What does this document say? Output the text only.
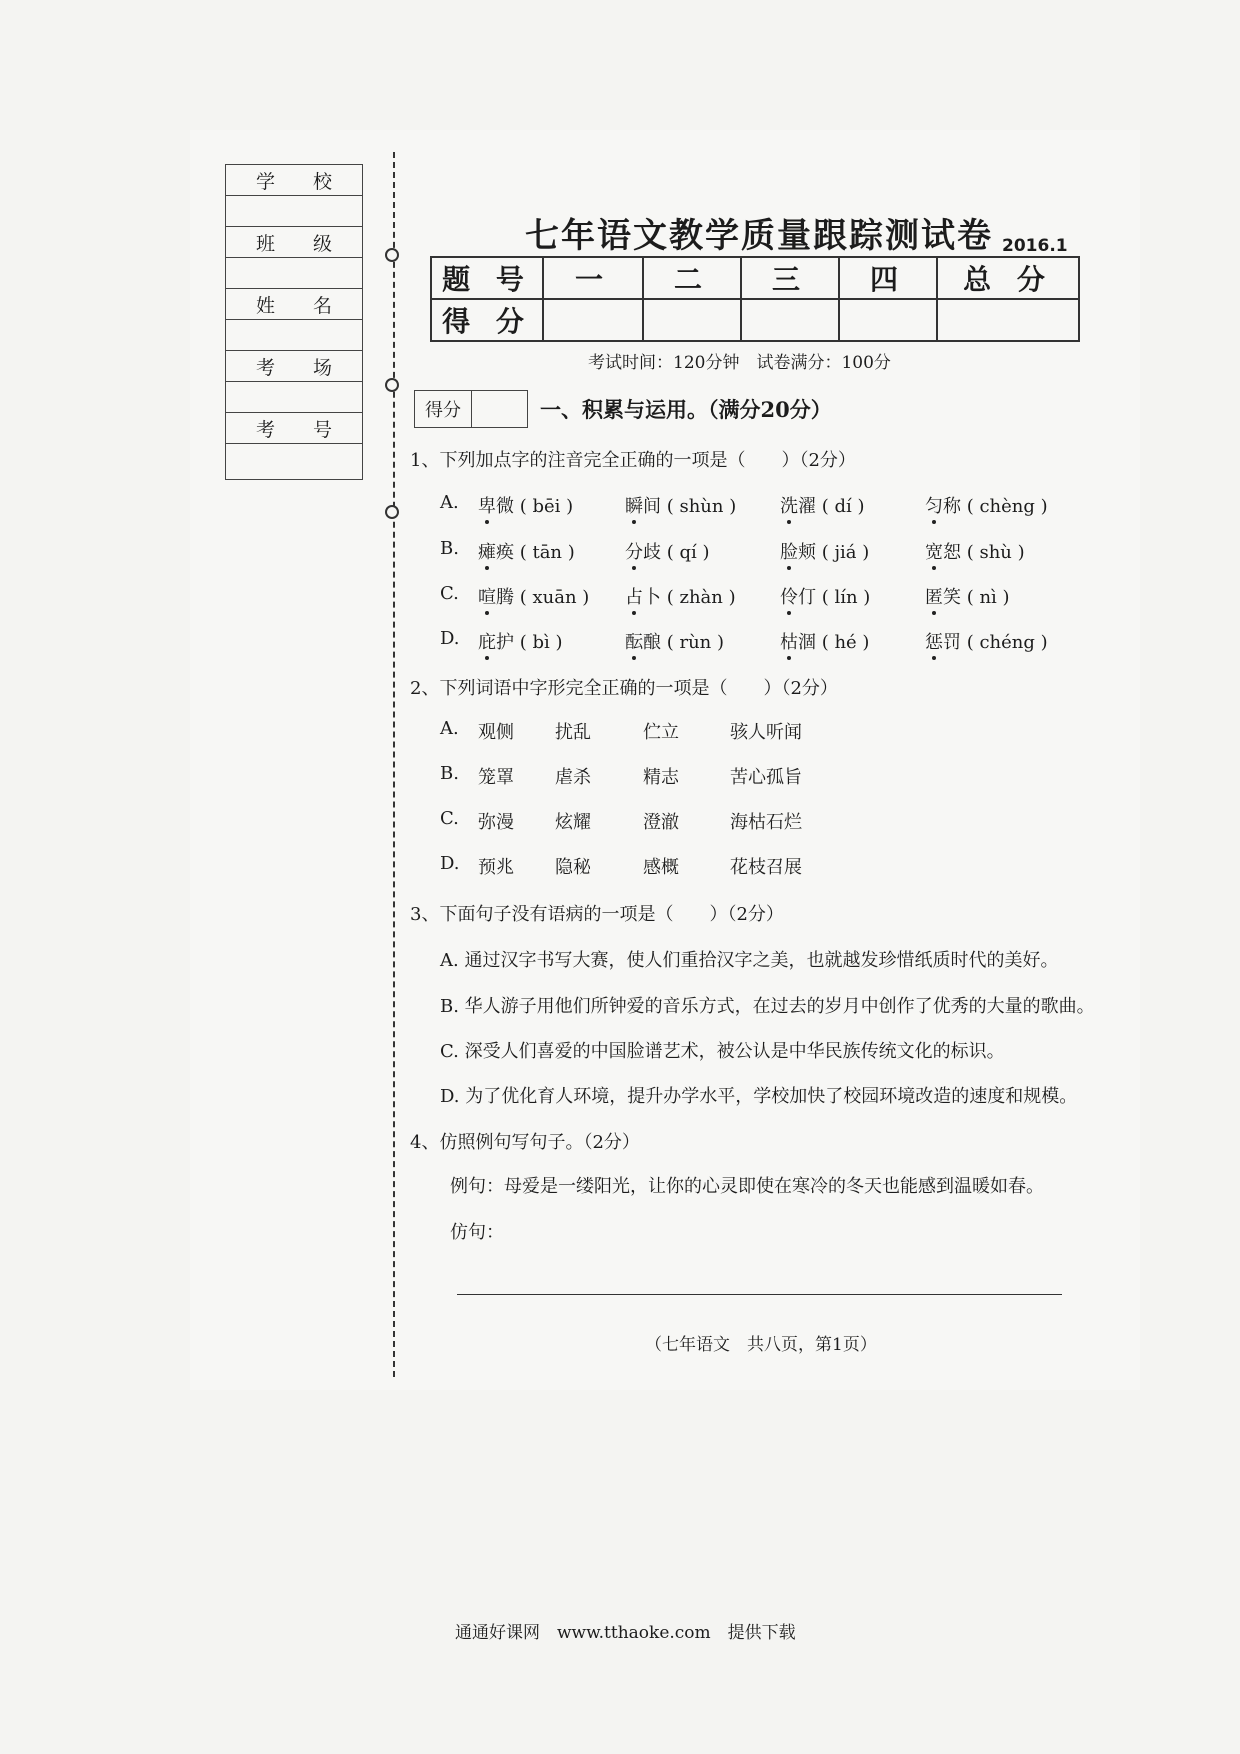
学 校
班 级
姓 名
考 场
考 号
七年语文教学质量跟踪测试卷 2016.1
题 号	一	二	三	四	总 分
得 分					
考试时间：120分钟　试卷满分：100分
得分	一、积累与运用。（满分20分）
1、下列加点字的注音完全正确的一项是（　　）（2分）
A. 卑微 ( bēi )	瞬间 ( shùn ) 洗濯 ( dí )	匀称 ( chèng )
B. 瘫痪 ( tān )	分歧 ( qí )	脸颊 ( jiá )	宽恕 ( shù )
C. 喧腾 ( xuān ) 占卜 ( zhàn ) 伶仃 ( lín )	匿笑 ( nì )
D. 庇护 ( bì )	酝酿 ( rùn )	枯涸 ( hé )	惩罚 ( chéng )
2、下列词语中字形完全正确的一项是（　　）（2分）
A. 观侧 扰乱	伫立	骇人听闻
B. 笼罩 虐杀	精志	苦心孤旨
C. 弥漫 炫耀	澄澈	海枯石烂
D. 预兆 隐秘	感概	花枝召展
3、下面句子没有语病的一项是（　　）（2分）
A. 通过汉字书写大赛，使人们重拾汉字之美，也就越发珍惜纸质时代的美好。
B. 华人游子用他们所钟爱的音乐方式，在过去的岁月中创作了优秀的大量的歌曲。
C. 深受人们喜爱的中国脸谱艺术，被公认是中华民族传统文化的标识。
D. 为了优化育人环境，提升办学水平，学校加快了校园环境改造的速度和规模。
4、仿照例句写句子。（2分）
例句：母爱是一缕阳光，让你的心灵即使在寒冷的冬天也能感到温暖如春。
仿句：
（七年语文　共八页，第1页）
通通好课网　www.tthaoke.com　提供下载
